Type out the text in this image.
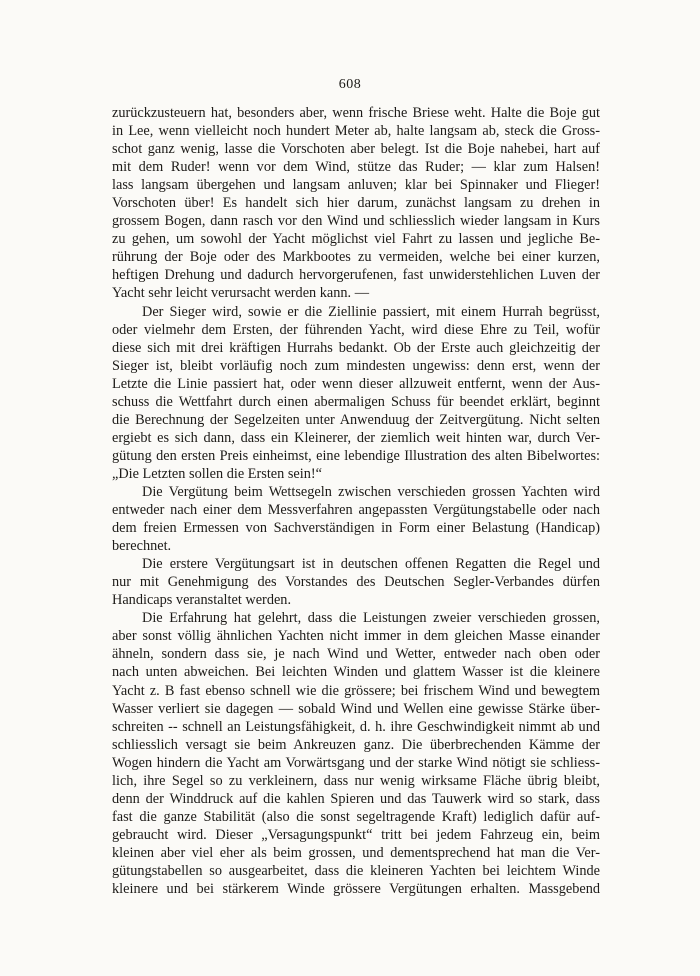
608
zurückzusteuern hat, besonders aber, wenn frische Briese weht. Halte die Boje gut
in Lee, wenn vielleicht noch hundert Meter ab, halte langsam ab, steck die Gross-
schot ganz wenig, lasse die Vorschoten aber belegt. Ist die Boje nahebei, hart auf
mit dem Ruder! wenn vor dem Wind, stütze das Ruder; — klar zum Halsen!
lass langsam übergehen und langsam anluven; klar bei Spinnaker und Flieger!
Vorschoten über! Es handelt sich hier darum, zunächst langsam zu drehen in
grossem Bogen, dann rasch vor den Wind und schliesslich wieder langsam in Kurs
zu gehen, um sowohl der Yacht möglichst viel Fahrt zu lassen und jegliche Be-
rührung der Boje oder des Markbootes zu vermeiden, welche bei einer kurzen,
heftigen Drehung und dadurch hervorgerufenen, fast unwiderstehlichen Luven der
Yacht sehr leicht verursacht werden kann. —
Der Sieger wird, sowie er die Ziellinie passiert, mit einem Hurrah begrüsst,
oder vielmehr dem Ersten, der führenden Yacht, wird diese Ehre zu Teil, wofür
diese sich mit drei kräftigen Hurrahs bedankt. Ob der Erste auch gleichzeitig der
Sieger ist, bleibt vorläufig noch zum mindesten ungewiss: denn erst, wenn der
Letzte die Linie passiert hat, oder wenn dieser allzuweit entfernt, wenn der Aus-
schuss die Wettfahrt durch einen abermaligen Schuss für beendet erklärt, beginnt
die Berechnung der Segelzeiten unter Anwenduug der Zeitvergütung. Nicht selten
ergiebt es sich dann, dass ein Kleinerer, der ziemlich weit hinten war, durch Ver-
gütung den ersten Preis einheimst, eine lebendige Illustration des alten Bibelwortes:
„Die Letzten sollen die Ersten sein!“
Die Vergütung beim Wettsegeln zwischen verschieden grossen Yachten wird
entweder nach einer dem Messverfahren angepassten Vergütungstabelle oder nach
dem freien Ermessen von Sachverständigen in Form einer Belastung (Handicap)
berechnet.
Die erstere Vergütungsart ist in deutschen offenen Regatten die Regel und
nur mit Genehmigung des Vorstandes des Deutschen Segler-Verbandes dürfen
Handicaps veranstaltet werden.
Die Erfahrung hat gelehrt, dass die Leistungen zweier verschieden grossen,
aber sonst völlig ähnlichen Yachten nicht immer in dem gleichen Masse einander
ähneln, sondern dass sie, je nach Wind und Wetter, entweder nach oben oder
nach unten abweichen. Bei leichten Winden und glattem Wasser ist die kleinere
Yacht z. B fast ebenso schnell wie die grössere; bei frischem Wind und bewegtem
Wasser verliert sie dagegen — sobald Wind und Wellen eine gewisse Stärke über-
schreiten -- schnell an Leistungsfähigkeit, d. h. ihre Geschwindigkeit nimmt ab und
schliesslich versagt sie beim Ankreuzen ganz. Die überbrechenden Kämme der
Wogen hindern die Yacht am Vorwärtsgang und der starke Wind nötigt sie schliess-
lich, ihre Segel so zu verkleinern, dass nur wenig wirksame Fläche übrig bleibt,
denn der Winddruck auf die kahlen Spieren und das Tauwerk wird so stark, dass
fast die ganze Stabilität (also die sonst segeltragende Kraft) lediglich dafür auf-
gebraucht wird. Dieser „Versagungspunkt“ tritt bei jedem Fahrzeug ein, beim
kleinen aber viel eher als beim grossen, und dementsprechend hat man die Ver-
gütungstabellen so ausgearbeitet, dass die kleineren Yachten bei leichtem Winde
kleinere und bei stärkerem Winde grössere Vergütungen erhalten. Massgebend
